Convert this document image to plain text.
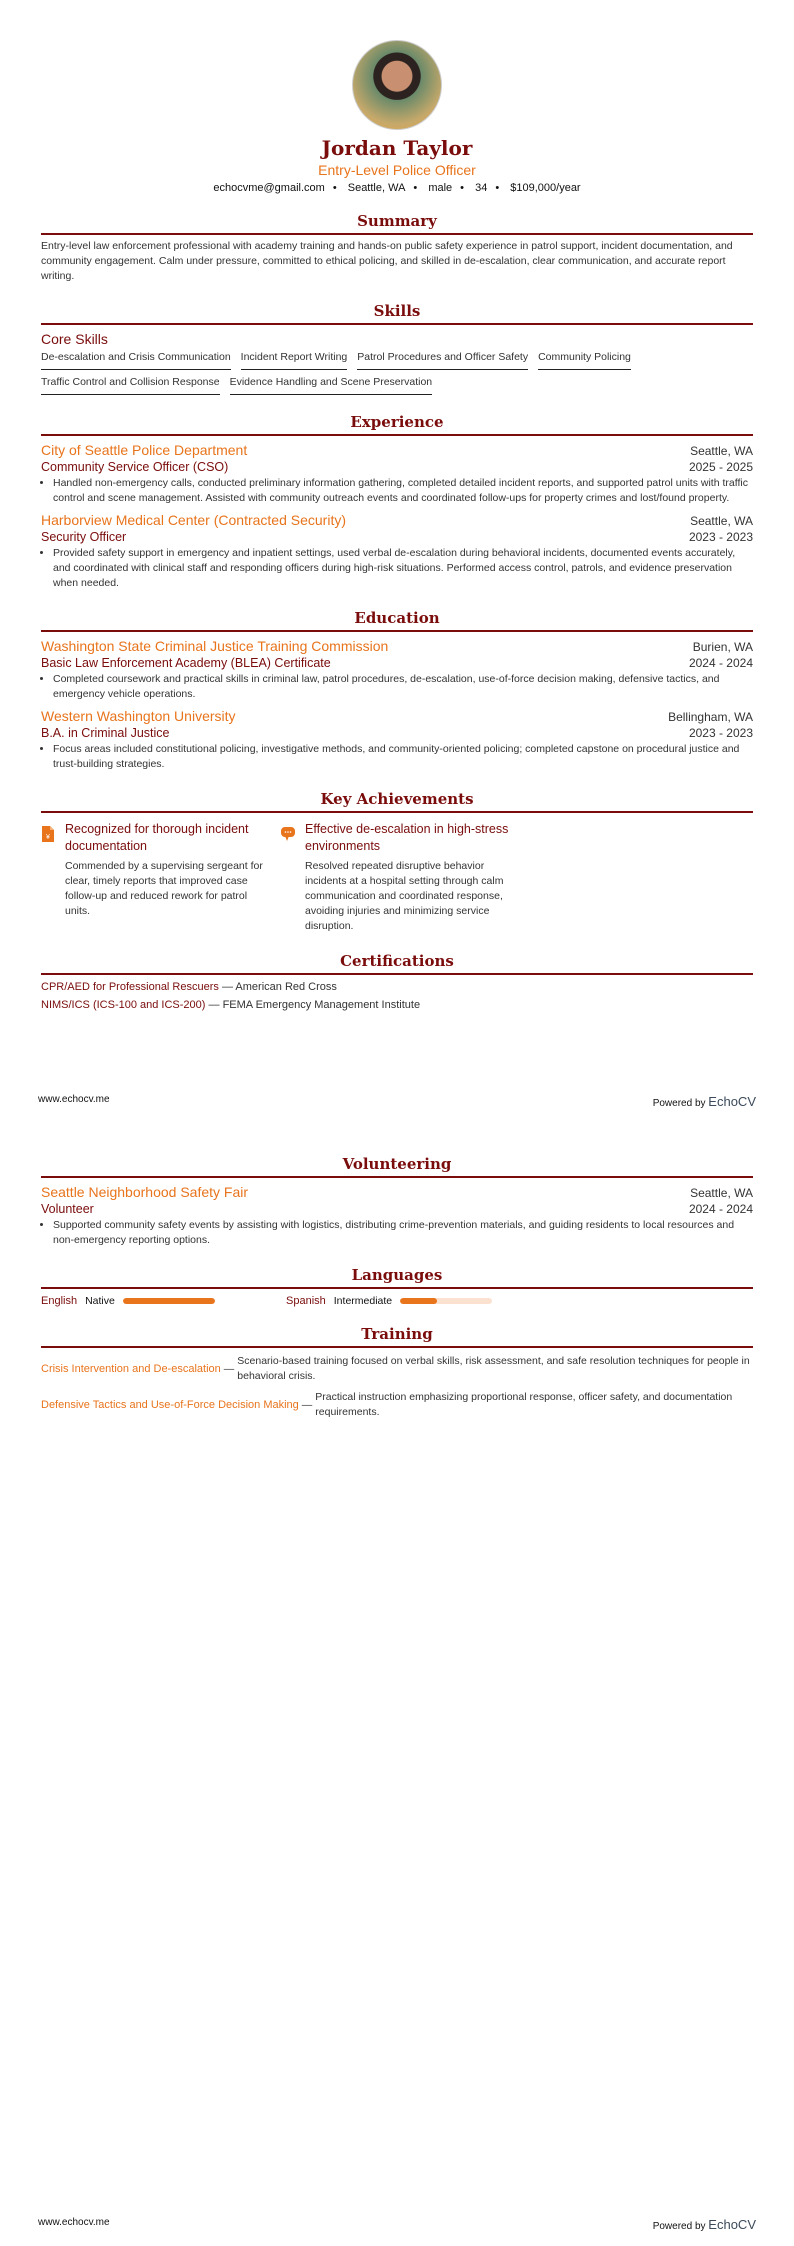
Jordan Taylor
Entry-Level Police Officer
echocvme@gmail.com • Seattle, WA • male • 34 • $109,000/year
Summary

Entry-level law enforcement professional with academy training and hands-on public safety experience in patrol support, incident documentation, and community engagement. Calm under pressure, committed to ethical policing, and skilled in de-escalation, clear communication, and accurate report writing.

Skills
Core Skills
De-escalation and Crisis Communication Incident Report Writing Patrol Procedures and Officer Safety Community Policing
Traffic Control and Collision Response Evidence Handling and Scene Preservation
Experience
City of Seattle Police Department	Seattle, WA
Community Service Officer (CSO)	2025 - 2025
• Handled non-emergency calls, conducted preliminary information gathering, completed detailed incident reports, and supported patrol units with traffic control and scene management. Assisted with community outreach events and coordinated follow-ups for property crimes and lost/found property.
Harborview Medical Center (Contracted Security)	Seattle, WA
Security Officer	2023 - 2023
• Provided safety support in emergency and inpatient settings, used verbal de-escalation during behavioral incidents, documented events accurately, and coordinated with clinical staff and responding officers during high-risk situations. Performed access control, patrols, and evidence preservation when needed.
Education
Washington State Criminal Justice Training Commission	Burien, WA
Basic Law Enforcement Academy (BLEA) Certificate	2024 - 2024
• Completed coursework and practical skills in criminal law, patrol procedures, de-escalation, use-of-force decision making, defensive tactics, and emergency vehicle operations.
Western Washington University	Bellingham, WA
B.A. in Criminal Justice	2023 - 2023
• Focus areas included constitutional policing, investigative methods, and community-oriented policing; completed capstone on procedural justice and trust-building strategies.
Key Achievements
¥
Recognized for thorough incident documentation
Commended by a supervising sergeant for clear, timely reports that improved case follow-up and reduced rework for patrol units.
Effective de-escalation in high-stress environments
Resolved repeated disruptive behavior incidents at a hospital setting through calm communication and coordinated response, avoiding injuries and minimizing service disruption.
Certifications
CPR/AED for Professional Rescuers — American Red Cross
NIMS/ICS (ICS-100 and ICS-200) — FEMA Emergency Management Institute
www.echocv.me	Powered by EchoCV
Volunteering
Seattle Neighborhood Safety Fair	Seattle, WA
Volunteer	2024 - 2024
• Supported community safety events by assisting with logistics, distributing crime-prevention materials, and guiding residents to local resources and non-emergency reporting options.
Languages
English Native	Spanish Intermediate
Training
Crisis Intervention and De-escalation —
Scenario-based training focused on verbal skills, risk assessment, and safe resolution techniques for people in behavioral crisis.
Defensive Tactics and Use-of-Force Decision Making —
Practical instruction emphasizing proportional response, officer safety, and documentation requirements.
www.echocv.me	Powered by EchoCV
